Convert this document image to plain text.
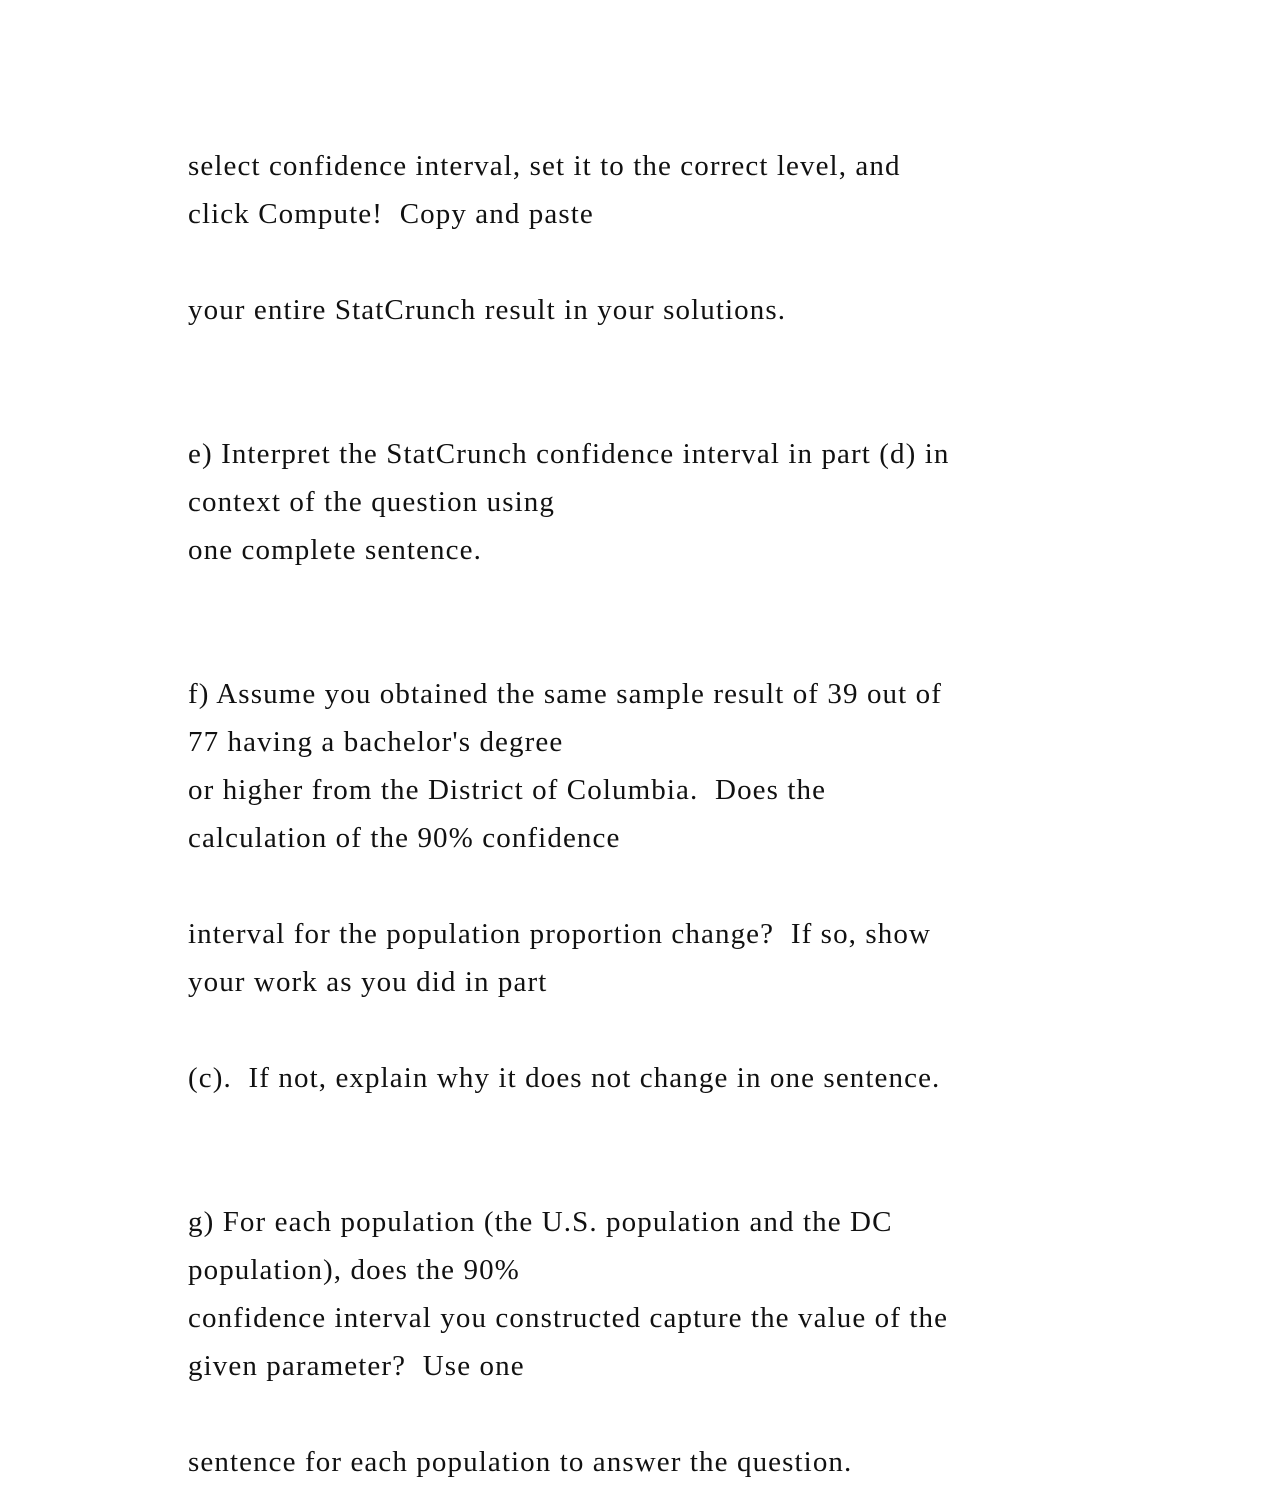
select confidence interval, set it to the correct level, and
click Compute!  Copy and paste
your entire StatCrunch result in your solutions.
e) Interpret the StatCrunch confidence interval in part (d) in
context of the question using
one complete sentence.
f) Assume you obtained the same sample result of 39 out of
77 having a bachelor's degree
or higher from the District of Columbia.  Does the
calculation of the 90% confidence
interval for the population proportion change?  If so, show
your work as you did in part
(c).  If not, explain why it does not change in one sentence.
g) For each population (the U.S. population and the DC
population), does the 90%
confidence interval you constructed capture the value of the
given parameter?  Use one
sentence for each population to answer the question.
